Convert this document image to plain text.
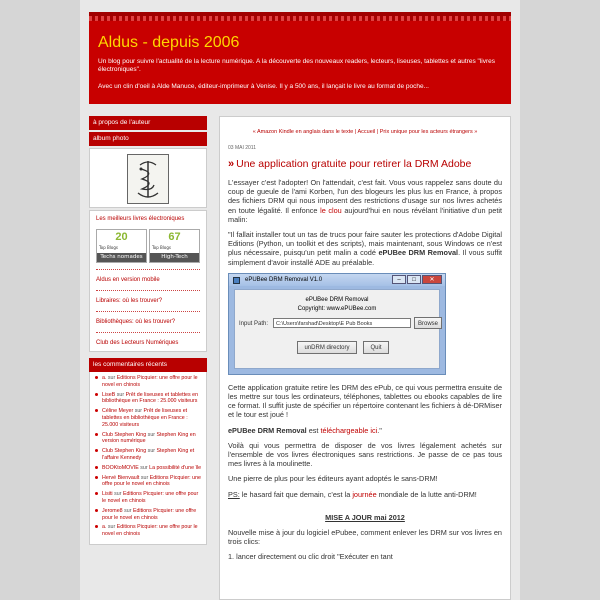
Aldus - depuis 2006
Un blog pour suivre l'actualité de la lecture numérique. A la découverte des nouveaux readers, lecteurs, liseuses, tablettes et autres "livres électroniques".
Avec un clin d'oeil à Alde Manuce, éditeur-imprimeur à Venise. Il y a 500 ans, il lançait le livre au format de poche...
à propos de l'auteur
album photo
Les meilleurs livres électroniques
20
Top Blogs
Techs nomades
67
Top Blogs
High-Tech
Aldus en version mobile
Libraires: où les trouver?
Bibliothèques: où les trouver?
Club des Lecteurs Numériques
les commentaires récents
a. sur Editions Picquier: une offre pour le novel en chinois
LiseB sur Prêt de liseuses et tablettes en bibliothèque en France : 25.000 visiteurs
Céline Meyer sur Prêt de liseuses et tablettes en bibliothèque en France : 25.000 visiteurs
Club Stephen King sur Stephen King en version numérique
Club Stephen King sur Stephen King et l'affaire Kennedy
BOOKtoMOVIE sur La possibilité d'une île
Hervé Bienvault sur Editions Picquier: une offre pour le novel en chinois
Lisiti sur Editions Picquier: une offre pour le novel en chinois
Jerome8 sur Editions Picquier: une offre pour le novel en chinois
a. sur Editions Picquier: une offre pour le novel en chinois
« Amazon Kindle en anglais dans le texte | Accueil | Prix unique pour les acteurs étrangers »
03 MAI 2011
» Une application gratuite pour retirer la DRM Adobe

L'essayer c'est l'adopter! On l'attendait, c'est fait. Vous vous rappelez sans doute du coup de gueule de l'ami Korben, l'un des blogeurs les plus lus en France, à propos des fichiers DRM qui nous imposent des restrictions d'usage sur nos livres achetés en toute légalité. Il enfonce le clou aujourd'hui en nous révélant l'initiative d'un petit malin:

"Il fallait installer tout un tas de trucs pour faire sauter les protections d'Adobe Digital Editions (Python, un toolkit et des scripts), mais maintenant, sous Windows ce n'est plus nécessaire, puisqu'un petit malin a codé ePUBee DRM Removal. Il vous suffit simplement d'avoir installé ADE au préalable.

ePUBee DRM Removal V1.0	–	□	✕
ePUBee DRM Removal
Copyright: www.ePUBee.com
Input Path:	C:\Users\farshad\Desktop\E Pub Books	Browse
unDRM directory	Quit

Cette application gratuite retire les DRM des ePub, ce qui vous permettra ensuite de les mettre sur tous les ordinateurs, téléphones, tablettes ou ebooks capables de lire ce format. Il suffit juste de spécifier un répertoire contenant les fichiers à dé-DRMiser et le tour est joué !

ePUBee DRM Removal est téléchargeable ici."

Voilà qui vous permettra de disposer de vos livres légalement achetés sur l'ensemble de vos livres électroniques sans restrictions. Je passe de ce pas tous mes livres à la moulinette.

Une pierre de plus pour les éditeurs ayant adoptés le sans-DRM!

PS: le hasard fait que demain, c'est la journée mondiale de la lutte anti-DRM!

MISE A JOUR mai 2012

Nouvelle mise à jour du logiciel ePubee, comment enlever les DRM sur vos livres en trois clics:

1. lancer directement ou clic droit "Exécuter en tant
